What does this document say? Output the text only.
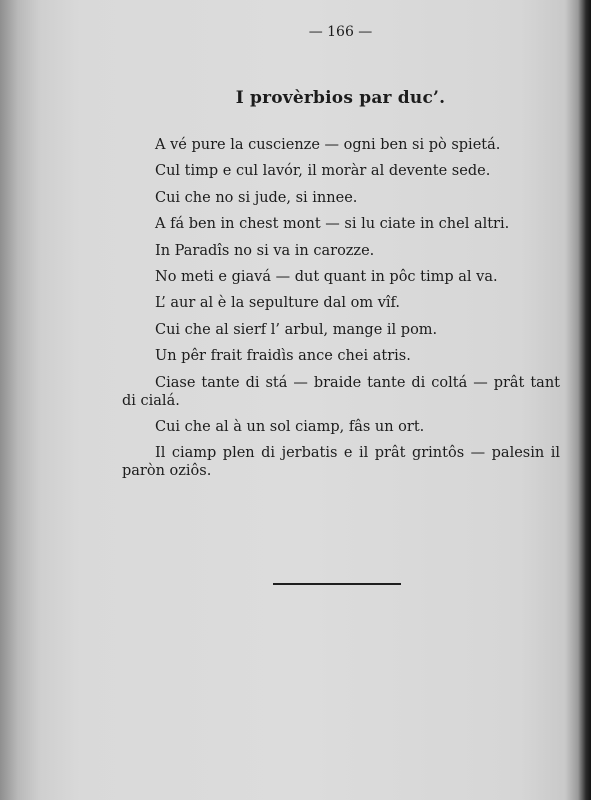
— 166 —
I provèrbios par duc’.

A vé pure la cuscienze — ogni ben si pò spietá.

Cul timp e cul lavór, il moràr al devente sede.

Cui che no si jude, si innee.

A fá ben in chest mont — si lu ciate in chel altri.

In Paradîs no si va in carozze.

No meti e giavá — dut quant in pôc timp al va.

L’ aur al è la sepulture dal om vîf.

Cui che al sierf l’ arbul, mange il pom.

Un pêr frait fraidìs ance chei atris.

Ciase tante di stá — braide tante di coltá — prât tant di cialá.

Cui che al à un sol ciamp, fâs un ort.

Il ciamp plen di jerbatis e il prât grintôs — palesin il paròn oziôs.
